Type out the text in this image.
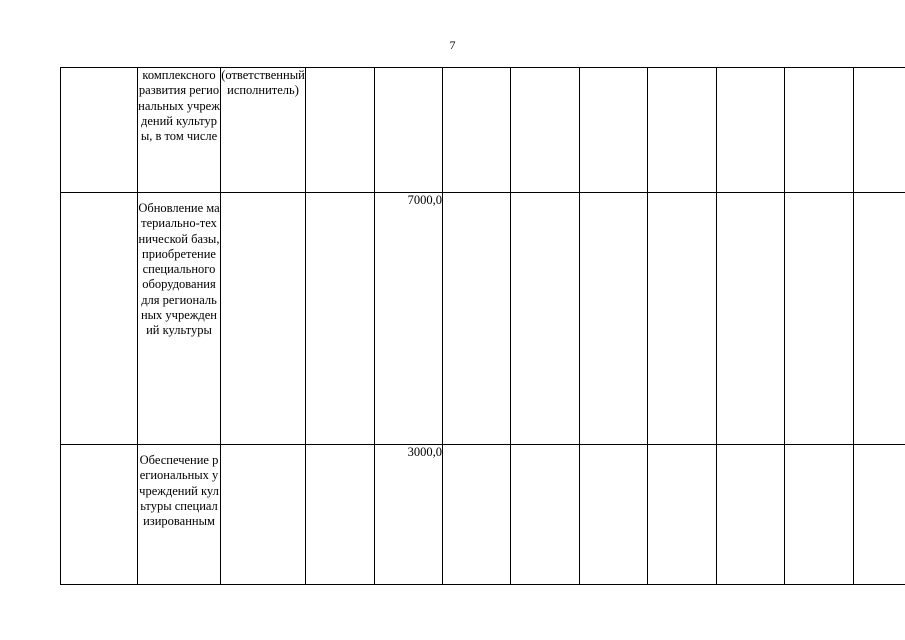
7
	комплексного развития региональных учреждений культуры, в том числе	(ответственный исполнитель)									
	Обновление материально-технической базы, приобретение специального оборудования для региональных учреждений культуры			7000,0							
	Обеспечение региональных учреждений культуры специализированным			3000,0							
